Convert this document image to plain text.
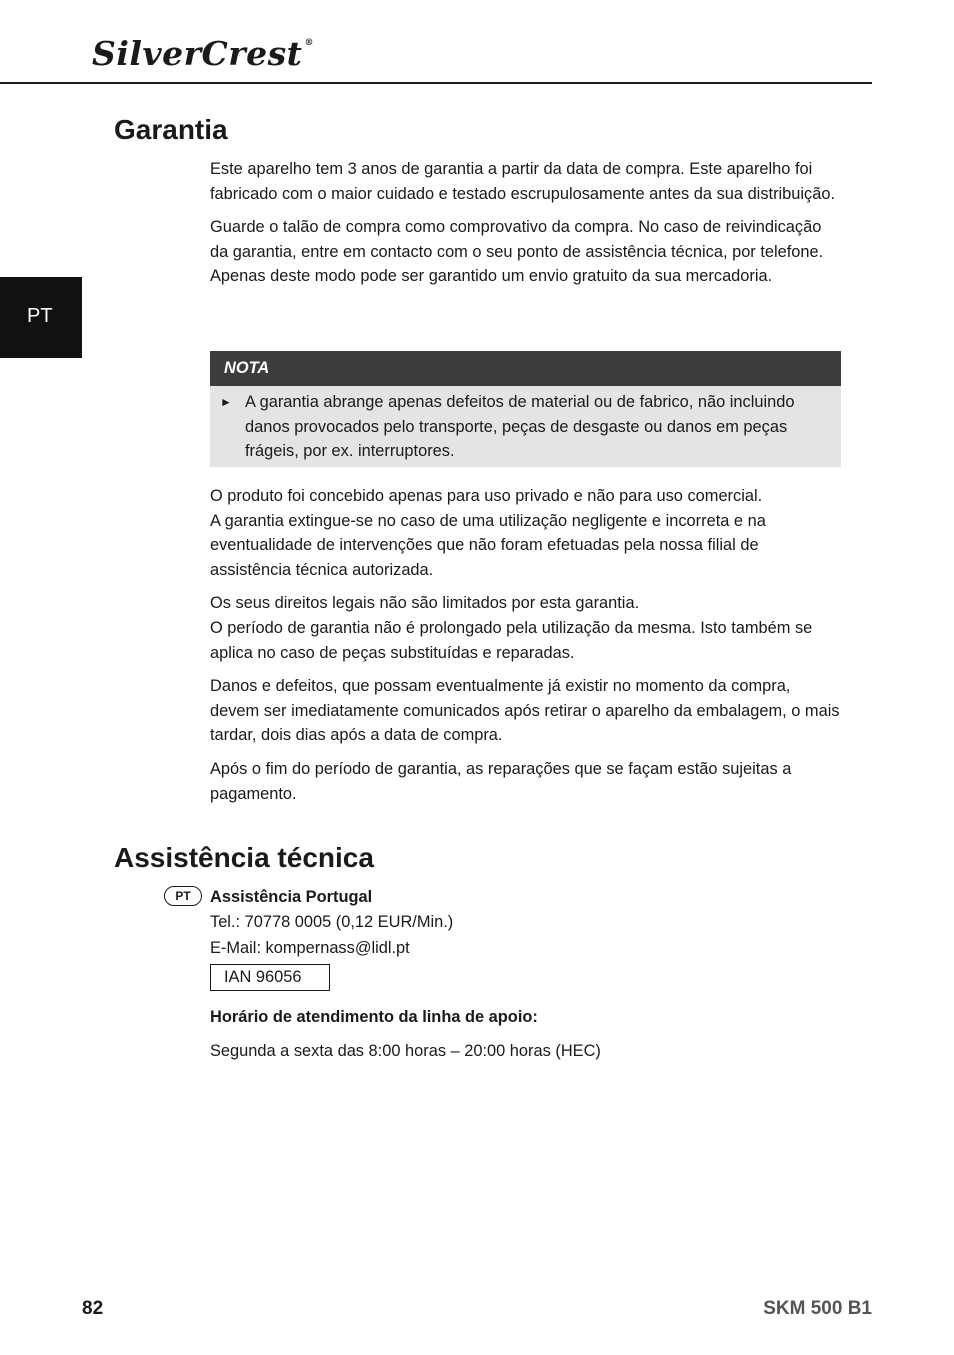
SilverCrest ®
PT
Garantia

Este aparelho tem 3 anos de garantia a partir da data de compra. Este aparelho foi fabricado com o maior cuidado e testado escrupulosamente antes da sua distribuição.

Guarde o talão de compra como comprovativo da compra. No caso de reivindicação da garantia, entre em contacto com o seu ponto de assistência técnica, por telefone. Apenas deste modo pode ser garantido um envio gratuito da sua mercadoria.

NOTA
► A garantia abrange apenas defeitos de material ou de fabrico, não incluindo danos provocados pelo transporte, peças de desgaste ou danos em peças frágeis, por ex. interruptores.

O produto foi concebido apenas para uso privado e não para uso comercial.

A garantia extingue-se no caso de uma utilização negligente e incorreta e na eventualidade de intervenções que não foram efetuadas pela nossa filial de assistência técnica autorizada.

Os seus direitos legais não são limitados por esta garantia.

O período de garantia não é prolongado pela utilização da mesma. Isto também se aplica no caso de peças substituídas e reparadas.

Danos e defeitos, que possam eventualmente já existir no momento da compra, devem ser imediatamente comunicados após retirar o aparelho da embalagem, o mais tardar, dois dias após a data de compra.

Após o fim do período de garantia, as reparações que se façam estão sujeitas a pagamento.

Assistência técnica
PT	Assistência Portugal

Tel.: 70778 0005 (0,12 EUR/Min.)

E-Mail: kompernass@lidl.pt

IAN 96056

Horário de atendimento da linha de apoio:

Segunda a sexta das 8:00 horas – 20:00 horas (HEC)

82	SKM 500 B1
